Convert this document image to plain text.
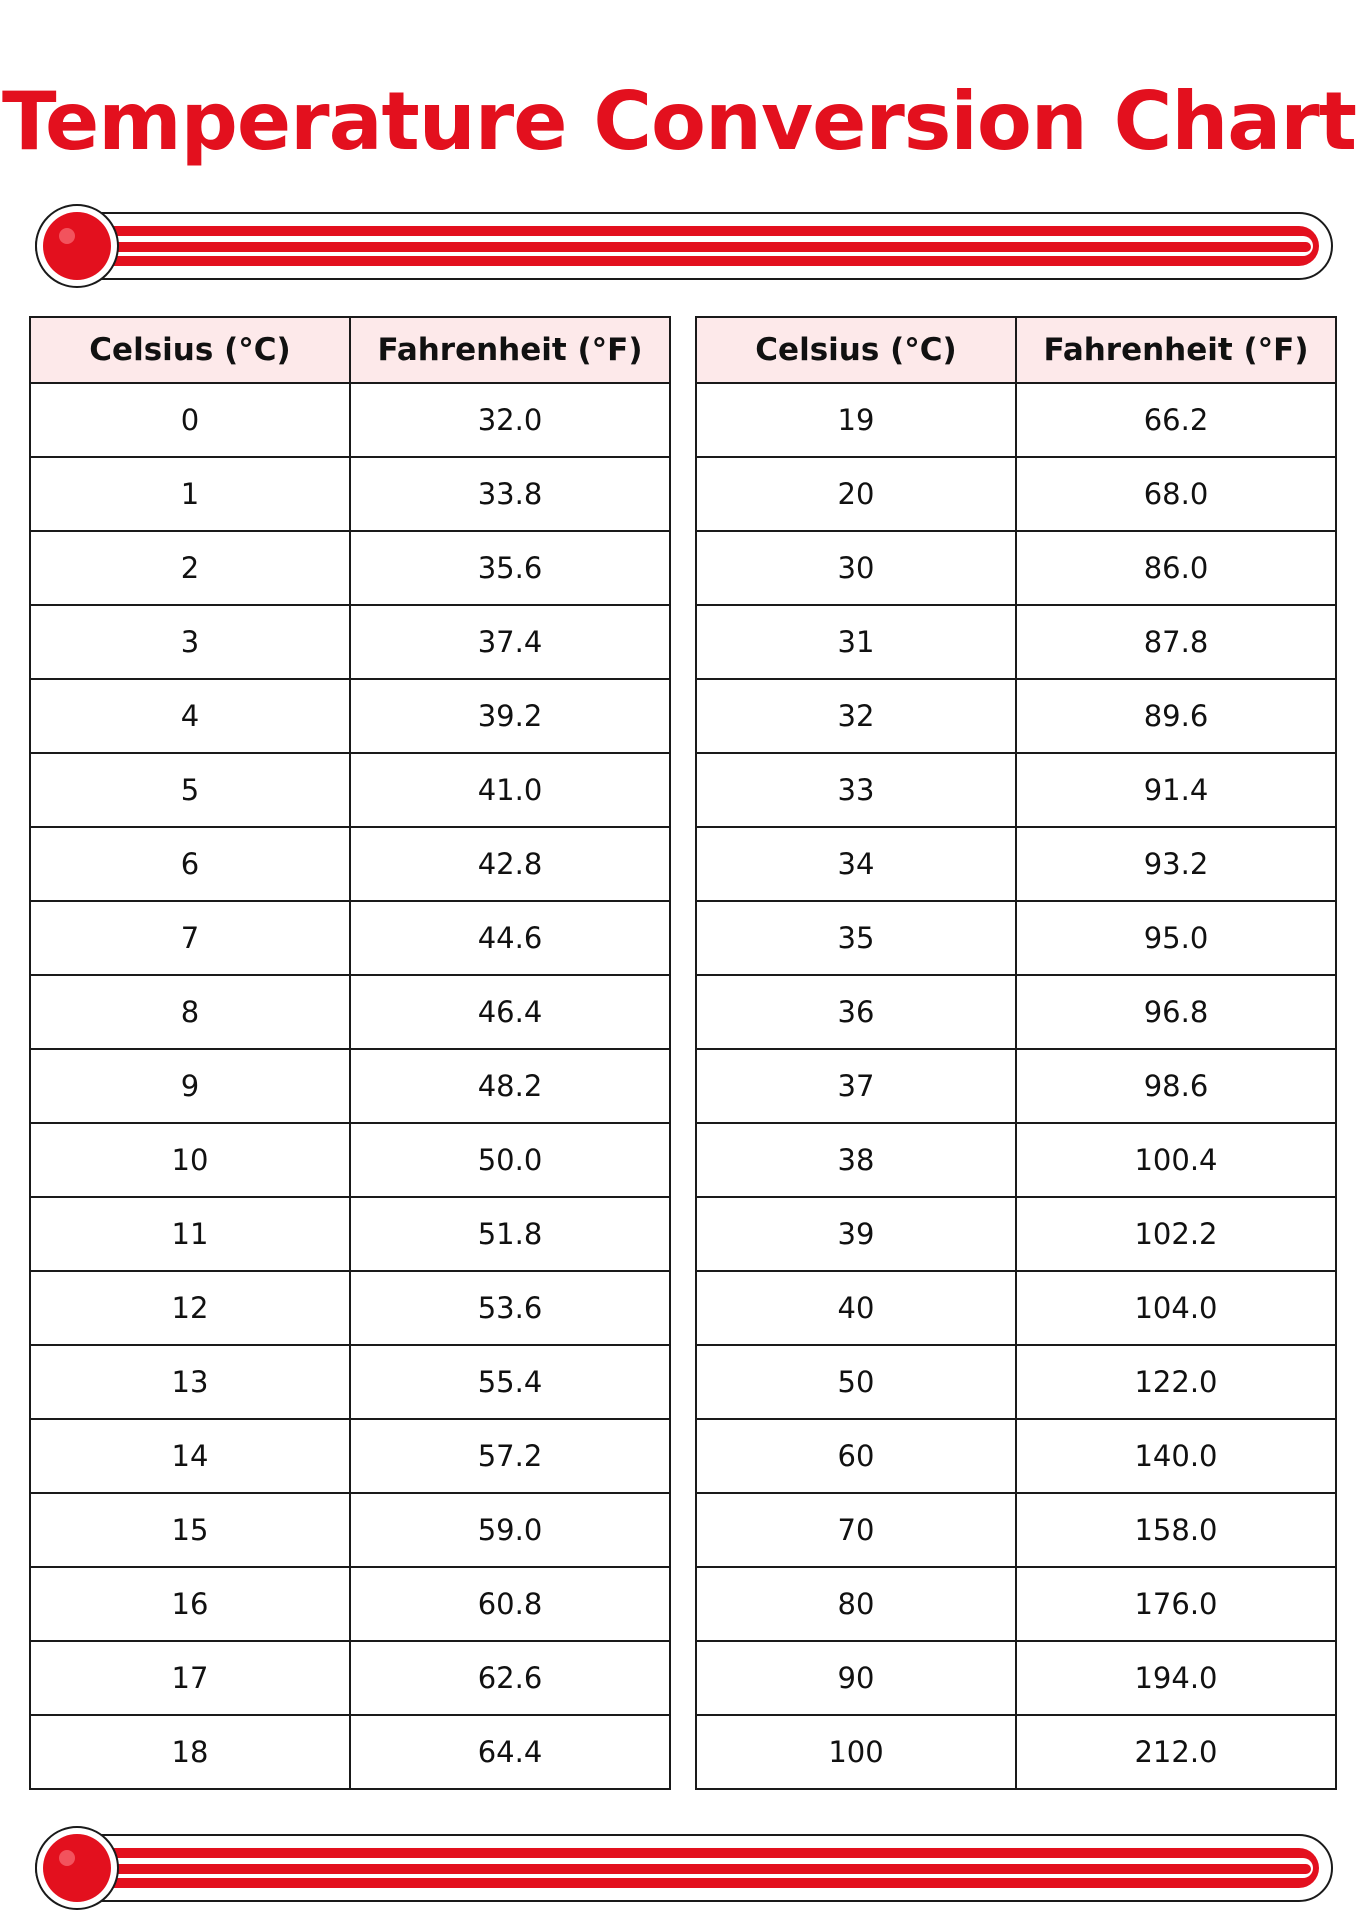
Temperature Conversion Chart
Celsius (°C)	Fahrenheit (°F)
0	32.0
1	33.8
2	35.6
3	37.4
4	39.2
5	41.0
6	42.8
7	44.6
8	46.4
9	48.2
10	50.0
11	51.8
12	53.6
13	55.4
14	57.2
15	59.0
16	60.8
17	62.6
18	64.4
Celsius (°C)	Fahrenheit (°F)
19	66.2
20	68.0
30	86.0
31	87.8
32	89.6
33	91.4
34	93.2
35	95.0
36	96.8
37	98.6
38	100.4
39	102.2
40	104.0
50	122.0
60	140.0
70	158.0
80	176.0
90	194.0
100	212.0
